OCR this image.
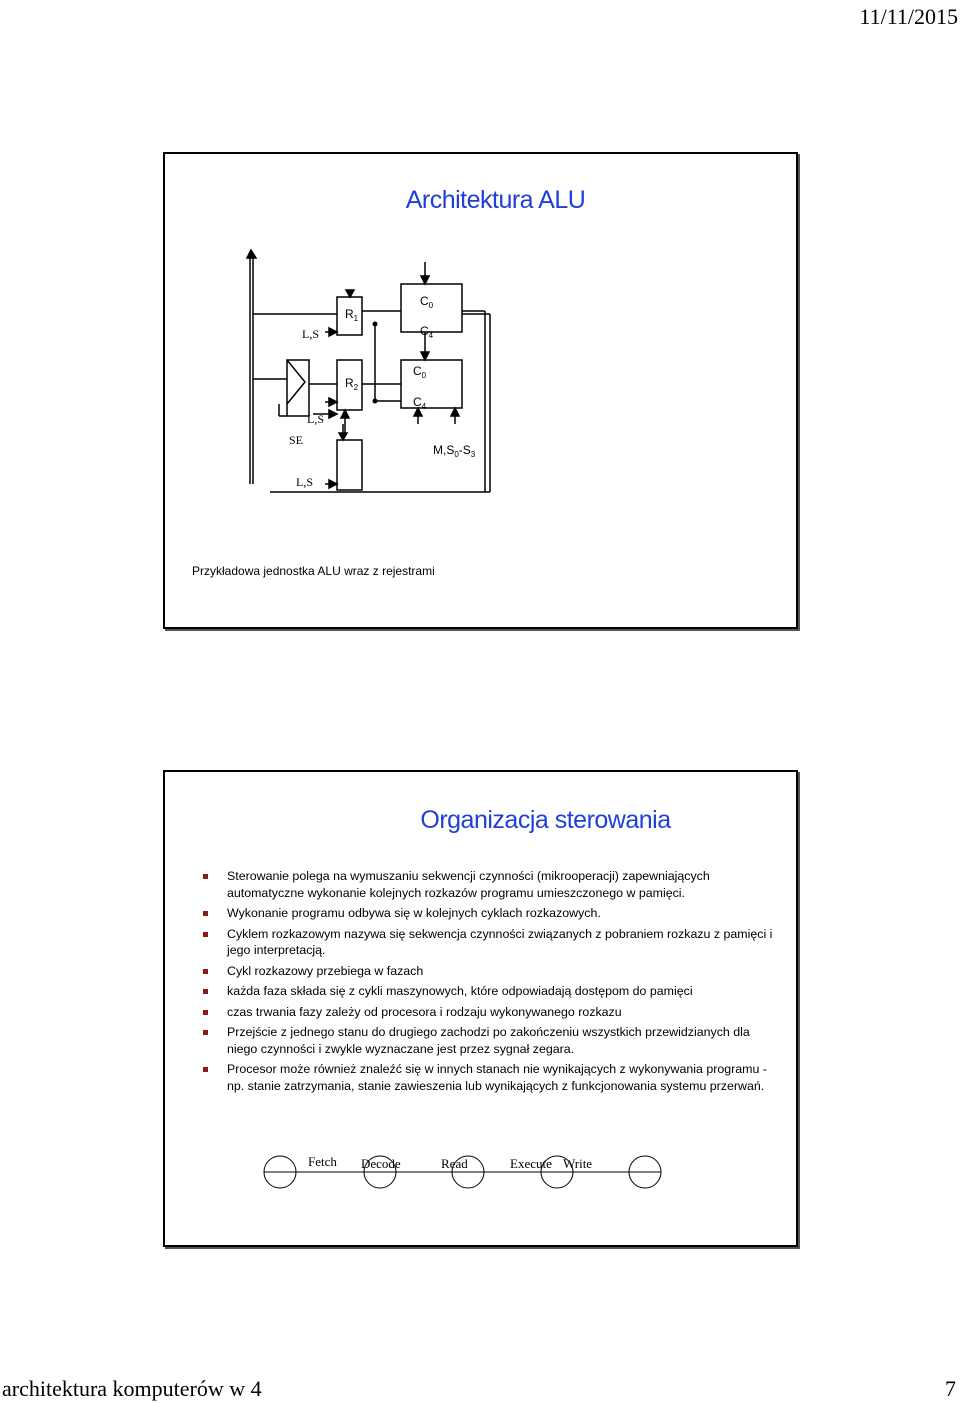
11/11/2015
Architektura ALU
$R_1$
$R_2$
$C_0$
$C_4$
$C_0$
$C_4$
L,S
L,S
SE
L,S
$M,S_0-S_3$
Przykładowa jednostka ALU wraz z rejestrami
Organizacja sterowania
Sterowanie polega na wymuszaniu sekwencji czynności (mikrooperacji) zapewniających automatyczne wykonanie kolejnych rozkazów programu umieszczonego w pamięci.
Wykonanie programu odbywa się w kolejnych cyklach rozkazowych.
Cyklem rozkazowym nazywa się sekwencja czynności związanych z pobraniem rozkazu z pamięci i jego interpretacją.
Cykl rozkazowy przebiega w fazach
każda faza składa się z cykli maszynowych, które odpowiadają dostępom do pamięci
czas trwania fazy zależy od procesora i rodzaju wykonywanego rozkazu
Przejście z jednego stanu do drugiego zachodzi po zakończeniu wszystkich przewidzianych dla niego czynności i zwykle wyznaczane jest przez sygnał zegara.
Procesor może również znaleźć się w innych stanach nie wynikających z wykonywania programu - np. stanie zatrzymania, stanie zawieszenia lub wynikających z funkcjonowania systemu przerwań.
Fetch Decode	Read	Execute Write
architektura komputerów w 4	7
